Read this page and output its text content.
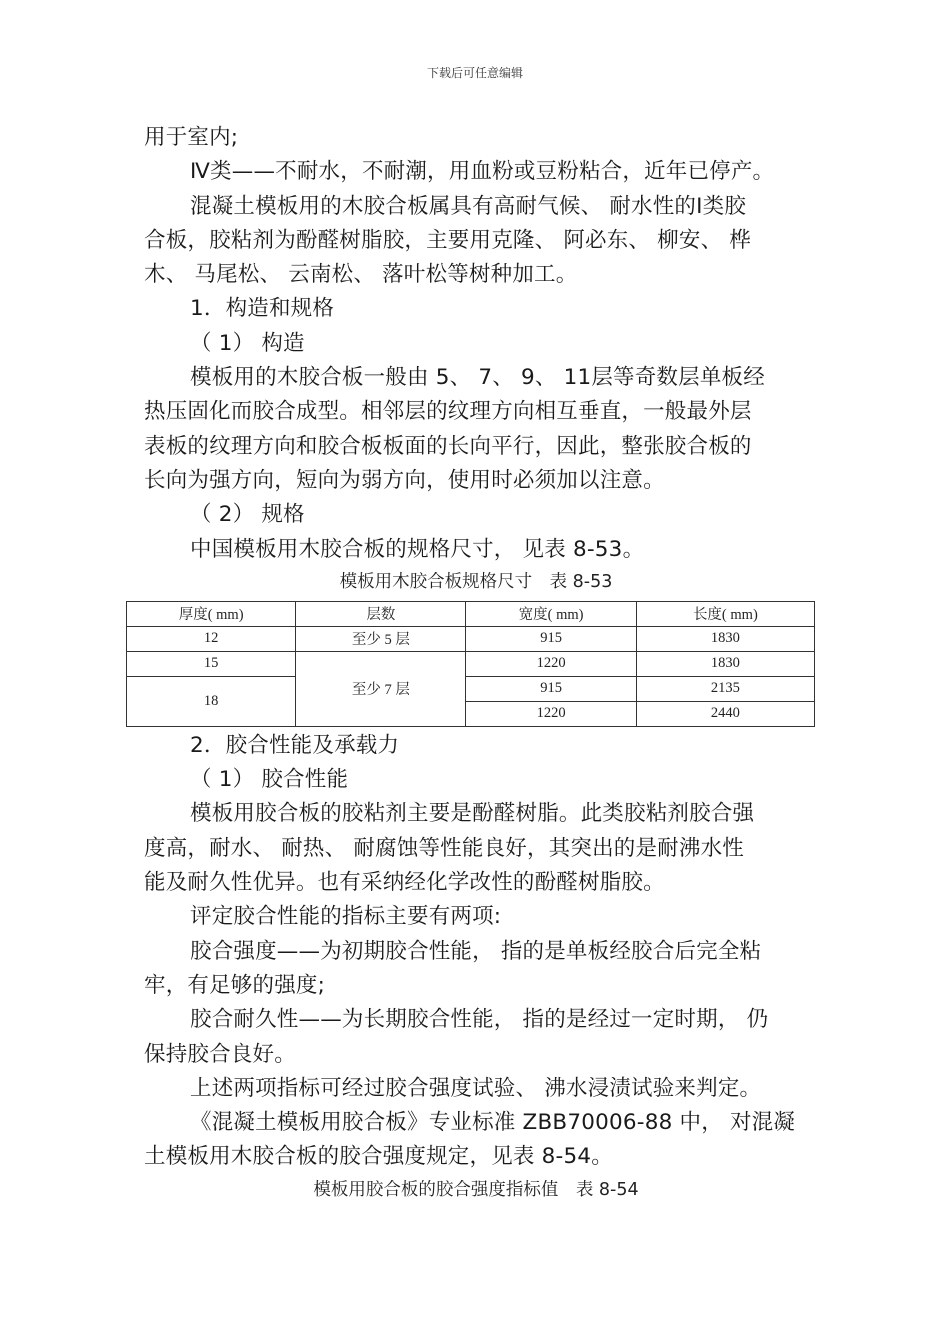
下载后可任意编辑
用于室内;
Ⅳ类——不耐水，不耐潮，用血粉或豆粉粘合，近年已停产。
混凝土模板用的木胶合板属具有高耐气候、 耐水性的Ⅰ类胶
合板，胶粘剂为酚醛树脂胶，主要用克隆、 阿必东、 柳安、 桦
木、 马尾松、 云南松、 落叶松等树种加工。
1．构造和规格
（ 1） 构造
模板用的木胶合板一般由 5、 7、 9、 11层等奇数层单板经
热压固化而胶合成型。相邻层的纹理方向相互垂直，一般最外层
表板的纹理方向和胶合板板面的长向平行，因此，整张胶合板的
长向为强方向，短向为弱方向，使用时必须加以注意。
（ 2） 规格
中国模板用木胶合板的规格尺寸， 见表 8-53。
模板用木胶合板规格尺寸　表 8-53
厚度( mm)	层数	宽度( mm)	长度( mm)
12	至少 5 层	915	1830
15	至少 7 层	1220	1830
18		915	2135
		1220	2440
2．胶合性能及承载力
（ 1） 胶合性能
模板用胶合板的胶粘剂主要是酚醛树脂。此类胶粘剂胶合强
度高，耐水、 耐热、 耐腐蚀等性能良好，其突出的是耐沸水性
能及耐久性优异。也有采纳经化学改性的酚醛树脂胶。
评定胶合性能的指标主要有两项:
胶合强度——为初期胶合性能， 指的是单板经胶合后完全粘
牢，有足够的强度;
胶合耐久性——为长期胶合性能， 指的是经过一定时期， 仍
保持胶合良好。
上述两项指标可经过胶合强度试验、 沸水浸渍试验来判定。
《混凝土模板用胶合板》专业标准 ZBB70006-88 中， 对混凝
土模板用木胶合板的胶合强度规定，见表 8-54。
模板用胶合板的胶合强度指标值　表 8-54
